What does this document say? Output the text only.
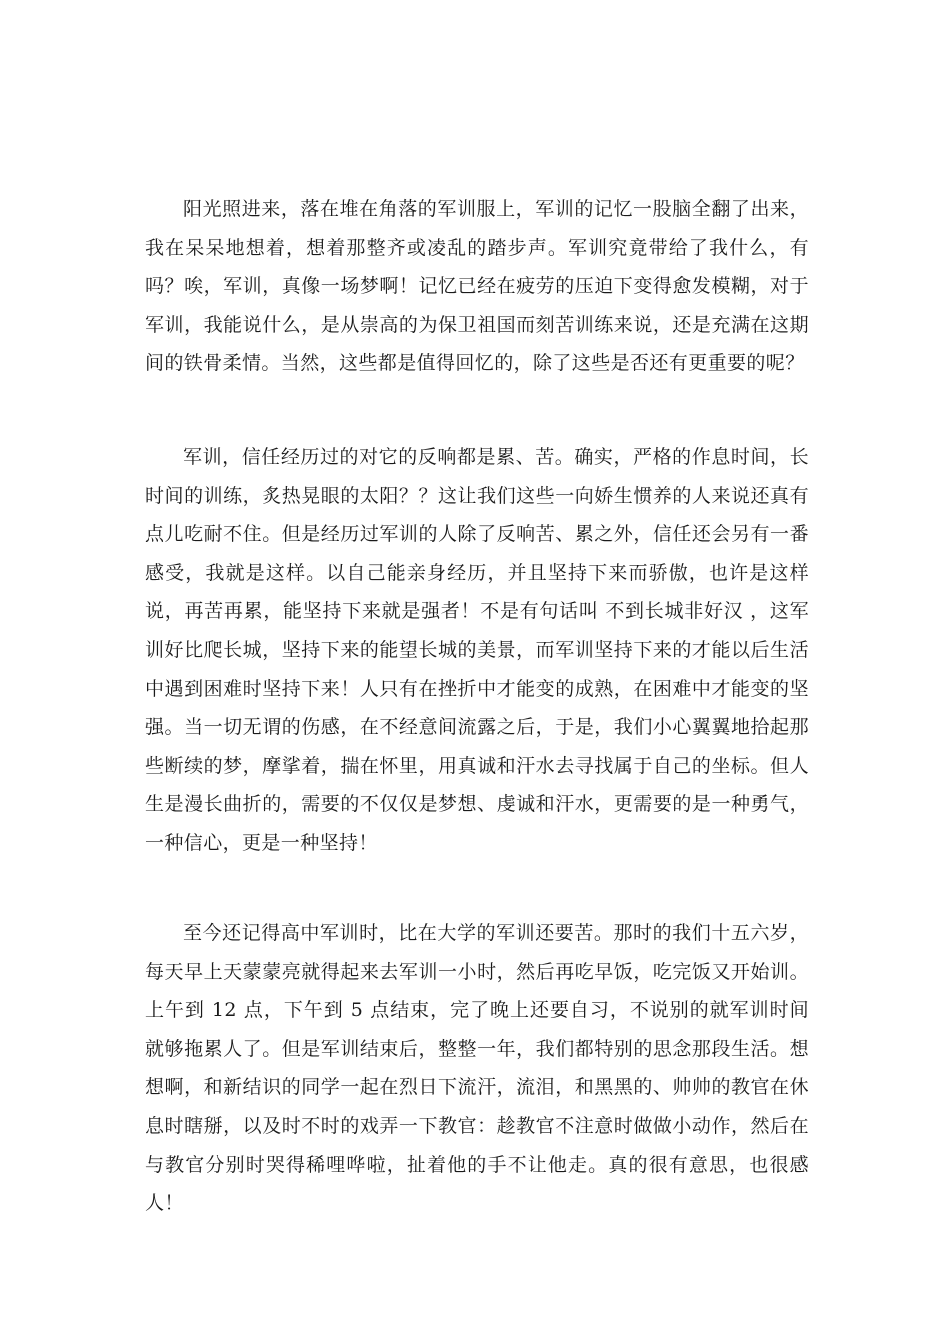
阳光照进来，落在堆在角落的军训服上，军训的记忆一股脑全翻了出来，我在呆呆地想着，想着那整齐或凌乱的踏步声。军训究竟带给了我什么，有吗？唉，军训，真像一场梦啊！记忆已经在疲劳的压迫下变得愈发模糊，对于军训，我能说什么，是从崇高的为保卫祖国而刻苦训练来说，还是充满在这期间的铁骨柔情。当然，这些都是值得回忆的，除了这些是否还有更重要的呢？

军训，信任经历过的对它的反响都是累、苦。确实，严格的作息时间，长时间的训练，炙热晃眼的太阳？？这让我们这些一向娇生惯养的人来说还真有点儿吃耐不住。但是经历过军训的人除了反响苦、累之外，信任还会另有一番感受，我就是这样。以自己能亲身经历，并且坚持下来而骄傲，也许是这样说，再苦再累，能坚持下来就是强者！不是有句话叫 不到长城非好汉 ，这军训好比爬长城，坚持下来的能望长城的美景，而军训坚持下来的才能以后生活中遇到困难时坚持下来！人只有在挫折中才能变的成熟，在困难中才能变的坚强。当一切无谓的伤感，在不经意间流露之后，于是，我们小心翼翼地拾起那些断续的梦，摩挲着，揣在怀里，用真诚和汗水去寻找属于自己的坐标。但人生是漫长曲折的，需要的不仅仅是梦想、虔诚和汗水，更需要的是一种勇气，一种信心，更是一种坚持！

至今还记得高中军训时，比在大学的军训还要苦。那时的我们十五六岁，每天早上天蒙蒙亮就得起来去军训一小时，然后再吃早饭，吃完饭又开始训。上午到 12 点，下午到 5 点结束，完了晚上还要自习，不说别的就军训时间就够拖累人了。但是军训结束后，整整一年，我们都特别的思念那段生活。想想啊，和新结识的同学一起在烈日下流汗，流泪，和黑黑的、帅帅的教官在休息时瞎掰，以及时不时的戏弄一下教官：趁教官不注意时做做小动作，然后在与教官分别时哭得稀哩哗啦，扯着他的手不让他走。真的很有意思，也很感人！
